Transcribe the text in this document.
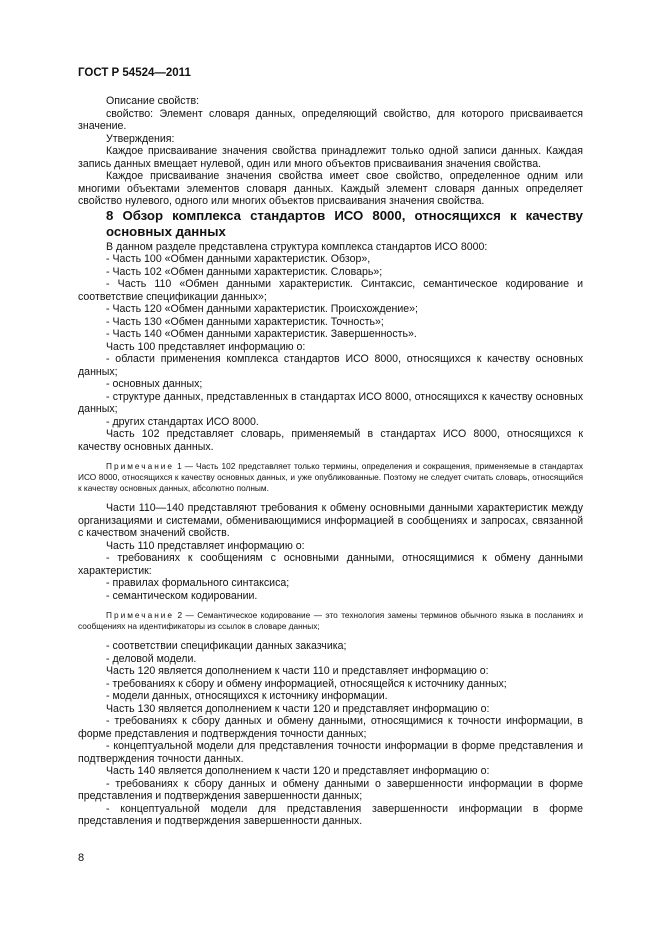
ГОСТ Р 54524—2011

Описание свойств:

свойство: Элемент словаря данных, определяющий свойство, для которого присваивается значение.

Утверждения:

Каждое присваивание значения свойства принадлежит только одной записи данных. Каждая запись данных вмещает нулевой, один или много объектов присваивания значения свойства.

Каждое присваивание значения свойства имеет свое свойство, определенное одним или многими объектами элементов словаря данных. Каждый элемент словаря данных определяет свойство нулевого, одного или многих объектов присваивания значения свойства.

8 Обзор комплекса стандартов ИСО 8000, относящихся к качеству основных данных

В данном разделе представлена структура комплекса стандартов ИСО 8000:

- Часть 100 «Обмен данными характеристик. Обзор»,

- Часть 102 «Обмен данными характеристик. Словарь»;

- Часть 110 «Обмен данными характеристик. Синтаксис, семантическое кодирование и соответствие спецификации данных»;

- Часть 120 «Обмен данными характеристик. Происхождение»;

- Часть 130 «Обмен данными характеристик. Точность»;

- Часть 140 «Обмен данными характеристик. Завершенность».

Часть 100 представляет информацию о:

- области применения комплекса стандартов ИСО 8000, относящихся к качеству основных данных;

- основных данных;

- структуре данных, представленных в стандартах ИСО 8000, относящихся к качеству основных данных;

- других стандартах ИСО 8000.

Часть 102 представляет словарь, применяемый в стандартах ИСО 8000, относящихся к качеству основных данных.

Примечание 1 — Часть 102 представляет только термины, определения и сокращения, применяемые в стандартах ИСО 8000, относящихся к качеству основных данных, и уже опубликованные. Поэтому не следует считать словарь, относящийся к качеству основных данных, абсолютно полным.

Части 110—140 представляют требования к обмену основными данными характеристик между организациями и системами, обменивающимися информацией в сообщениях и запросах, связанной с качеством значений свойств.

Часть 110 представляет информацию о:

- требованиях к сообщениям с основными данными, относящимися к обмену данными характеристик:

- правилах формального синтаксиса;

- семантическом кодировании.

Примечание 2 — Семантическое кодирование — это технология замены терминов обычного языка в посланиях и сообщениях на идентификаторы из ссылок в словаре данных;

- соответствии спецификации данных заказчика;

- деловой модели.

Часть 120 является дополнением к части 110 и представляет информацию о:

- требованиях к сбору и обмену информацией, относящейся к источнику данных;

- модели данных, относящихся к источнику информации.

Часть 130 является дополнением к части 120 и представляет информацию о:

- требованиях к сбору данных и обмену данными, относящимися к точности информации, в форме представления и подтверждения точности данных;

- концептуальной модели для представления точности информации в форме представления и подтверждения точности данных.

Часть 140 является дополнением к части 120 и представляет информацию о:

- требованиях к сбору данных и обмену данными о завершенности информации в форме представления и подтверждения завершенности данных;

- концептуальной модели для представления завершенности информации в форме представления и подтверждения завершенности данных.

8
